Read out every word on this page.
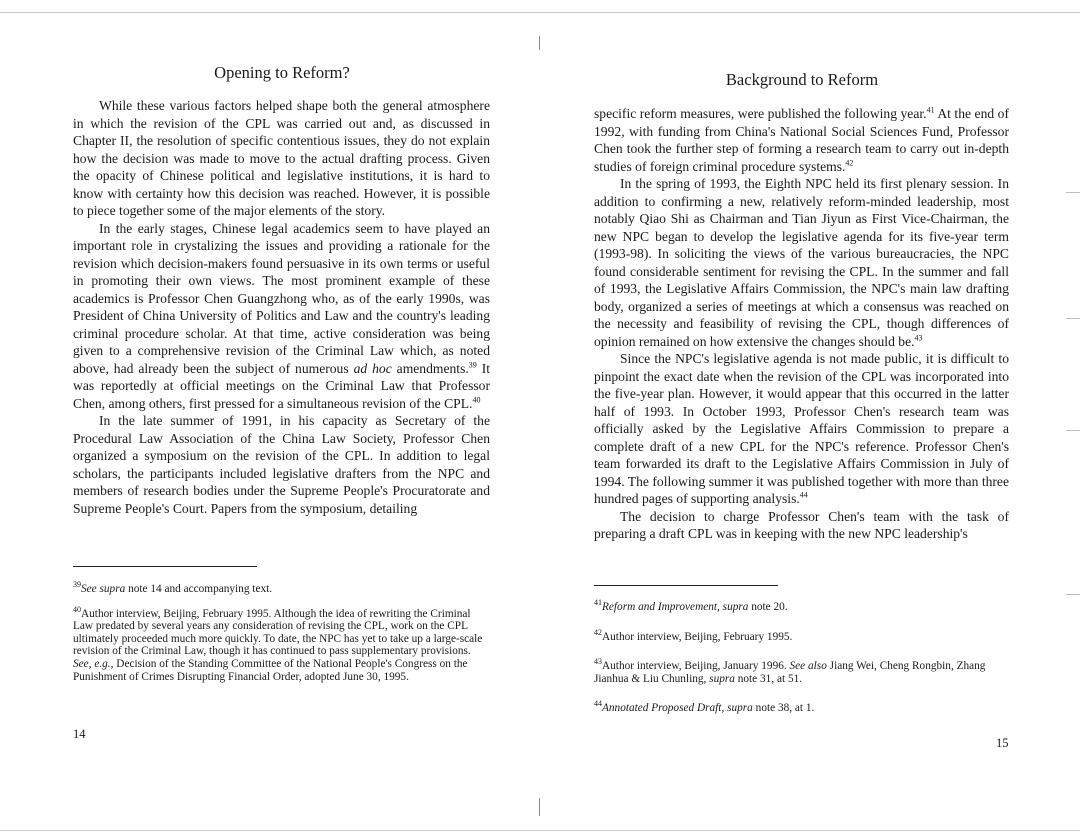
Opening to Reform?

While these various factors helped shape both the general atmosphere in which the revision of the CPL was carried out and, as discussed in Chapter II, the resolution of specific contentious issues, they do not explain how the decision was made to move to the actual drafting process. Given the opacity of Chinese political and legislative institutions, it is hard to know with certainty how this decision was reached. However, it is possible to piece together some of the major elements of the story.

In the early stages, Chinese legal academics seem to have played an important role in crystalizing the issues and providing a rationale for the revision which decision-makers found persuasive in its own terms or useful in promoting their own views. The most prominent example of these academics is Professor Chen Guangzhong who, as of the early 1990s, was President of China University of Politics and Law and the country's leading criminal procedure scholar. At that time, active consideration was being given to a comprehensive revision of the Criminal Law which, as noted above, had already been the subject of numerous ad hoc amendments.$^{39}$ It was reportedly at official meetings on the Criminal Law that Professor Chen, among others, first pressed for a simultaneous revision of the CPL.$^{40}$

In the late summer of 1991, in his capacity as Secretary of the Procedural Law Association of the China Law Society, Professor Chen organized a symposium on the revision of the CPL. In addition to legal scholars, the participants included legislative drafters from the NPC and members of research bodies under the Supreme People's Procuratorate and Supreme People's Court. Papers from the symposium, detailing

$^{39}$See supra note 14 and accompanying text.

$^{40}$Author interview, Beijing, February 1995. Although the idea of rewriting the Criminal Law predated by several years any consideration of revising the CPL, work on the CPL ultimately proceeded much more quickly. To date, the NPC has yet to take up a large-scale revision of the Criminal Law, though it has continued to pass supplementary provisions. See, e.g., Decision of the Standing Committee of the National People's Congress on the Punishment of Crimes Disrupting Financial Order, adopted June 30, 1995.

14
Background to Reform

specific reform measures, were published the following year.$^{41}$ At the end of 1992, with funding from China's National Social Sciences Fund, Professor Chen took the further step of forming a research team to carry out in-depth studies of foreign criminal procedure systems.$^{42}$

In the spring of 1993, the Eighth NPC held its first plenary session. In addition to confirming a new, relatively reform-minded leadership, most notably Qiao Shi as Chairman and Tian Jiyun as First Vice-Chairman, the new NPC began to develop the legislative agenda for its five-year term (1993-98). In soliciting the views of the various bureaucracies, the NPC found considerable sentiment for revising the CPL. In the summer and fall of 1993, the Legislative Affairs Commission, the NPC's main law drafting body, organized a series of meetings at which a consensus was reached on the necessity and feasibility of revising the CPL, though differences of opinion remained on how extensive the changes should be.$^{43}$

Since the NPC's legislative agenda is not made public, it is difficult to pinpoint the exact date when the revision of the CPL was incorporated into the five-year plan. However, it would appear that this occurred in the latter half of 1993. In October 1993, Professor Chen's research team was officially asked by the Legislative Affairs Commission to prepare a complete draft of a new CPL for the NPC's reference. Professor Chen's team forwarded its draft to the Legislative Affairs Commission in July of 1994. The following summer it was published together with more than three hundred pages of supporting analysis.$^{44}$

The decision to charge Professor Chen's team with the task of preparing a draft CPL was in keeping with the new NPC leadership's

$^{41}$Reform and Improvement, supra note 20.

$^{42}$Author interview, Beijing, February 1995.

$^{43}$Author interview, Beijing, January 1996. See also Jiang Wei, Cheng Rongbin, Zhang Jianhua & Liu Chunling, supra note 31, at 51.

$^{44}$Annotated Proposed Draft, supra note 38, at 1.

15
